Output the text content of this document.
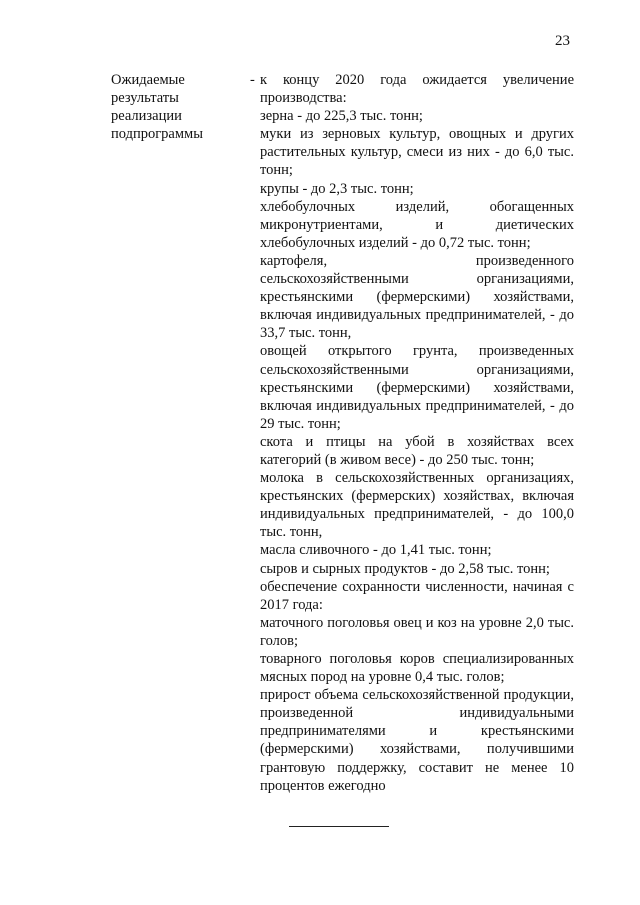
23
Ожидаемые
результаты
реализации
подпрограммы
- к концу 2020 года ожидается увеличение производства:

зерна - до 225,3 тыс. тонн;

муки из зерновых культур, овощных и других растительных культур, смеси из них - до 6,0 тыс. тонн;

крупы - до 2,3 тыс. тонн;

хлебобулочных изделий, обогащенных микронутриентами, и диетических хлебобулочных изделий - до 0,72 тыс. тонн;

картофеля, произведенного сельскохозяйственными организациями, крестьянскими (фермерскими) хозяйствами, включая индивидуальных предпринимателей, - до 33,7 тыс. тонн,

овощей открытого грунта, произведенных сельскохозяйственными организациями, крестьянскими (фермерскими) хозяйствами, включая индивидуальных предпринимателей, - до 29 тыс. тонн;

скота и птицы на убой в хозяйствах всех категорий (в живом весе) - до 250 тыс. тонн;

молока в сельскохозяйственных организациях, крестьянских (фермерских) хозяйствах, включая индивидуальных предпринимателей, - до 100,0 тыс. тонн,

масла сливочного - до 1,41 тыс. тонн;

сыров и сырных продуктов - до 2,58 тыс. тонн;

обеспечение сохранности численности, начиная с 2017 года:

маточного поголовья овец и коз на уровне 2,0 тыс. голов;

товарного поголовья коров специализированных мясных пород на уровне 0,4 тыс. голов;

прирост объема сельскохозяйственной продукции, произведенной индивидуальными предпринимателями и крестьянскими (фермерскими) хозяйствами, получившими грантовую поддержку, составит не менее 10 процентов ежегодно
